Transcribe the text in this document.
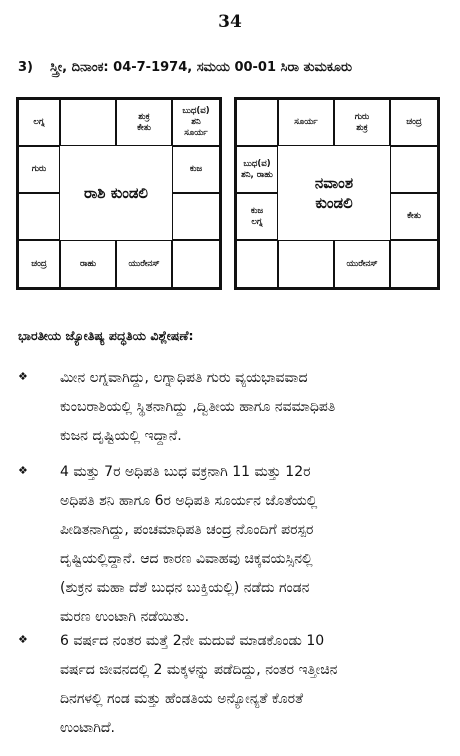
34
3) ಸ್ತ್ರೀ, ದಿನಾಂಕ: 04-7-1974, ಸಮಯ 00-01 ಸಿರಾ ತುಮಕೂರು
ಲಗ್ನ
ಶುಕ್ರ
ಕೇತು
ಬುಧ(ವ)
ಶನಿ
ಸೂರ್ಯ
ಗುರು	ಕುಜ
ಚಂದ್ರ	ರಾಹು	ಯುರೇನಸ್
ರಾಶಿ ಕುಂಡಲಿ
ಸೂರ್ಯ
ಗುರು
ಶುಕ್ರ
ಚಂದ್ರ
ಬುಧ(ವ)
ಶನಿ, ರಾಹು
ಕುಜ
ಲಗ್ನ
ಕೇತು
ಯುರೇನಸ್
ನವಾಂಶ
ಕುಂಡಲಿ
ಭಾರತೀಯ ಜ್ಯೋತಿಷ್ಯ ಪದ್ಧತಿಯ ವಿಶ್ಲೇಷಣೆ:
❖ ಮೀನ ಲಗ್ನವಾಗಿದ್ದು, ಲಗ್ನಾಧಿಪತಿ ಗುರು ವ್ಯಯಭಾವವಾದ
ಕುಂಬರಾಶಿಯಲ್ಲಿ ಸ್ಥಿತನಾಗಿದ್ದು ,ದ್ವಿತೀಯ ಹಾಗೂ ನವಮಾಧಿಪತಿ
ಕುಜನ ದೃಷ್ಟಿಯಲ್ಲಿ ಇದ್ದಾನೆ.
❖ 4 ಮತ್ತು 7ರ ಅಧಿಪತಿ ಬುಧ ವಕ್ರನಾಗಿ 11 ಮತ್ತು 12ರ
ಅಧಿಪತಿ ಶನಿ ಹಾಗೂ 6ರ ಅಧಿಪತಿ ಸೂರ್ಯನ ಜೊತೆಯಲ್ಲಿ
ಪೀಡಿತನಾಗಿದ್ದು, ಪಂಚಮಾಧಿಪತಿ ಚಂದ್ರ ನೊಂದಿಗೆ ಪರಸ್ಪರ
ದೃಷ್ಟಿಯಲ್ಲಿದ್ದಾನೆ. ಆದ ಕಾರಣ ವಿವಾಹವು ಚಿಕ್ಕವಯಸ್ಸಿನಲ್ಲಿ
(ಶುಕ್ರನ ಮಹಾ ದೆಶೆ ಬುಧನ ಬುಕ್ತಿಯಲ್ಲಿ) ನಡೆದು ಗಂಡನ
ಮರಣ ಉಂಟಾಗಿ ನಡೆಯಿತು.
❖ 6 ವರ್ಷದ ನಂತರ ಮತ್ತೆ 2ನೇ ಮದುವೆ ಮಾಡಕೊಂಡು 10
ವರ್ಷದ ಜೀವನದಲ್ಲಿ 2 ಮಕ್ಕಳನ್ನು ಪಡೆದಿದ್ದು, ನಂತರ ಇತ್ತೀಚಿನ
ದಿನಗಳಲ್ಲಿ ಗಂಡ ಮತ್ತು ಹೆಂಡತಿಯ ಅನ್ಯೋನ್ಯತೆ ಕೊರತೆ
ಉಂಟಾಗಿದೆ.
